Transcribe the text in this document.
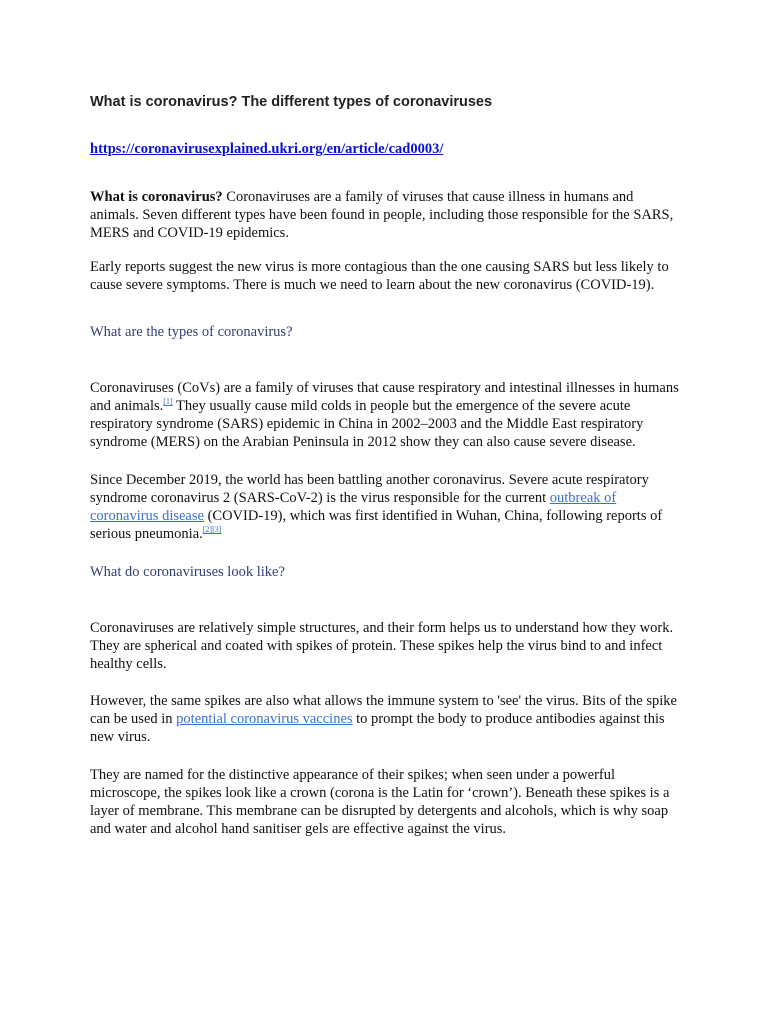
What is coronavirus? The different types of coronaviruses
https://coronavirusexplained.ukri.org/en/article/cad0003/

What is coronavirus? Coronaviruses are a family of viruses that cause illness in humans and animals. Seven different types have been found in people, including those responsible for the SARS, MERS and COVID-19 epidemics.

Early reports suggest the new virus is more contagious than the one causing SARS but less likely to cause severe symptoms. There is much we need to learn about the new coronavirus (COVID-19).

What are the types of coronavirus?

Coronaviruses (CoVs) are a family of viruses that cause respiratory and intestinal illnesses in humans and animals.[1] They usually cause mild colds in people but the emergence of the severe acute respiratory syndrome (SARS) epidemic in China in 2002–2003 and the Middle East respiratory syndrome (MERS) on the Arabian Peninsula in 2012 show they can also cause severe disease.

Since December 2019, the world has been battling another coronavirus. Severe acute respiratory syndrome coronavirus 2 (SARS-CoV-2) is the virus responsible for the current outbreak of coronavirus disease (COVID-19), which was first identified in Wuhan, China, following reports of serious pneumonia.[2][3]

What do coronaviruses look like?

Coronaviruses are relatively simple structures, and their form helps us to understand how they work. They are spherical and coated with spikes of protein. These spikes help the virus bind to and infect healthy cells.

However, the same spikes are also what allows the immune system to 'see' the virus. Bits of the spike can be used in potential coronavirus vaccines to prompt the body to produce antibodies against this new virus.

They are named for the distinctive appearance of their spikes; when seen under a powerful microscope, the spikes look like a crown (corona is the Latin for ‘crown’). Beneath these spikes is a layer of membrane. This membrane can be disrupted by detergents and alcohols, which is why soap and water and alcohol hand sanitiser gels are effective against the virus.
